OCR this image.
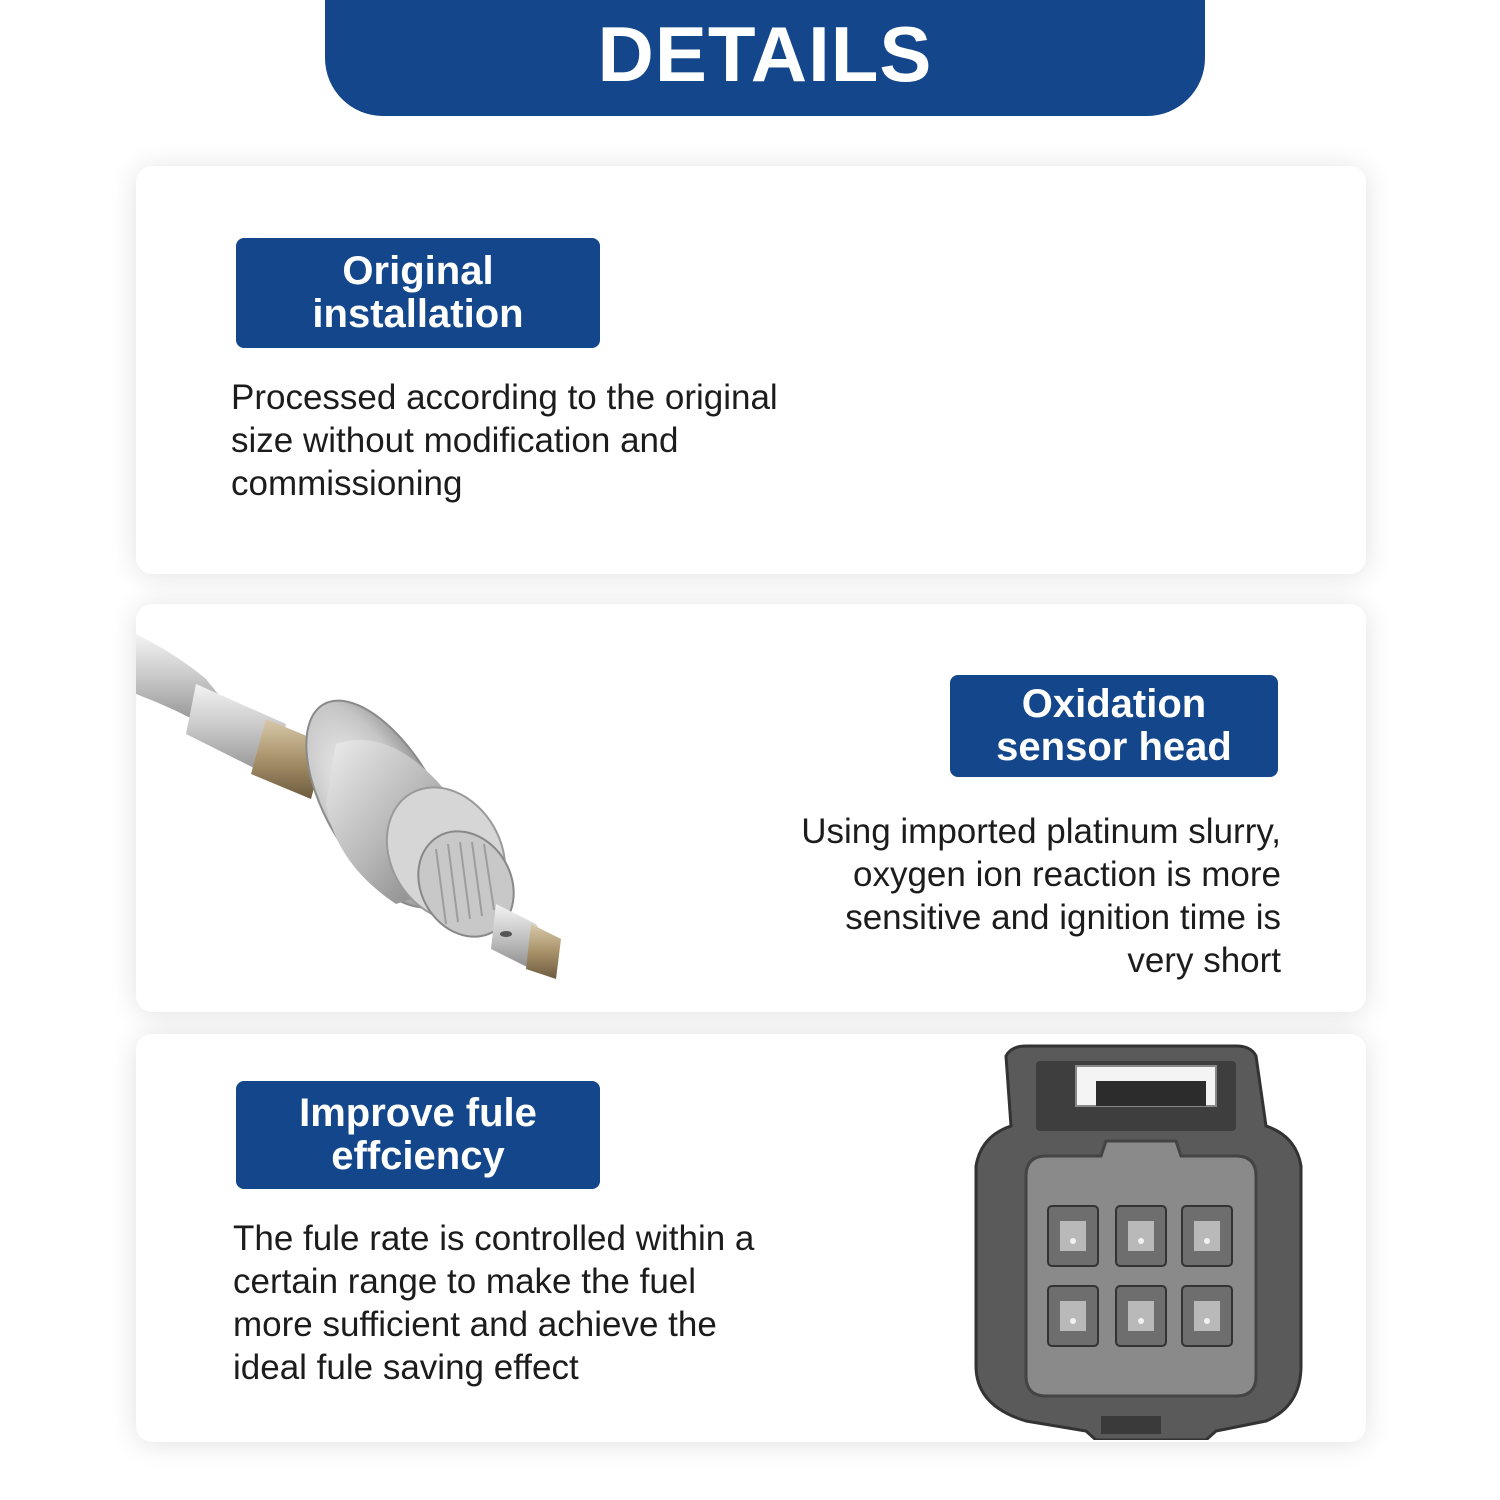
DETAILS
Original
installation
Processed according to the original
size without modification and
commissioning
Oxidation
sensor head
Using imported platinum slurry,
oxygen ion reaction is more
sensitive and ignition time is
very short
Improve fule
effciency
The fule rate is controlled within a
certain range to make the fuel
more sufficient and achieve the
ideal fule saving effect
